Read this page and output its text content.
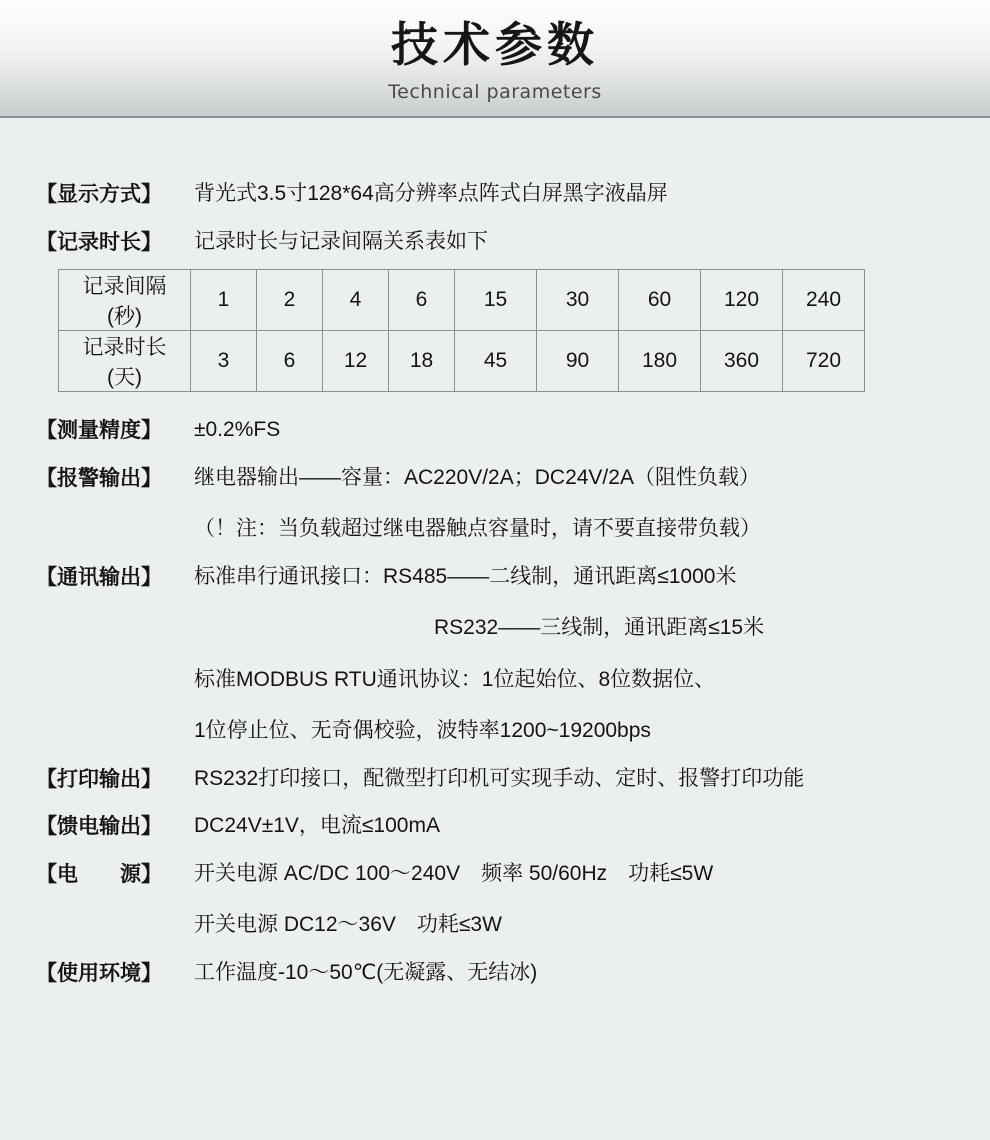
技术参数
Technical parameters
【显示方式】	背光式3.5寸128*64高分辨率点阵式白屏黑字液晶屏
【记录时长】	记录时长与记录间隔关系表如下
记录间隔(秒)	1	2	4	6	15	30	60	120	240
记录时长(天)	3	6	12	18	45	90	180	360	720
【测量精度】	±0.2%FS
【报警输出】	继电器输出——容量：AC220V/2A；DC24V/2A（阻性负载）
（！注：当负载超过继电器触点容量时，请不要直接带负载）
【通讯输出】	标准串行通讯接口：RS485——二线制，通讯距离≤1000米
RS232——三线制，通讯距离≤15米
标准MODBUS RTU通讯协议：1位起始位、8位数据位、
1位停止位、无奇偶校验，波特率1200~19200bps
【打印输出】	RS232打印接口，配微型打印机可实现手动、定时、报警打印功能
【馈电输出】	DC24V±1V，电流≤100mA
【电　　源】	开关电源 AC/DC 100～240V　频率 50/60Hz　功耗≤5W
开关电源 DC12～36V　功耗≤3W
【使用环境】	工作温度-10～50℃(无凝露、无结冰)
